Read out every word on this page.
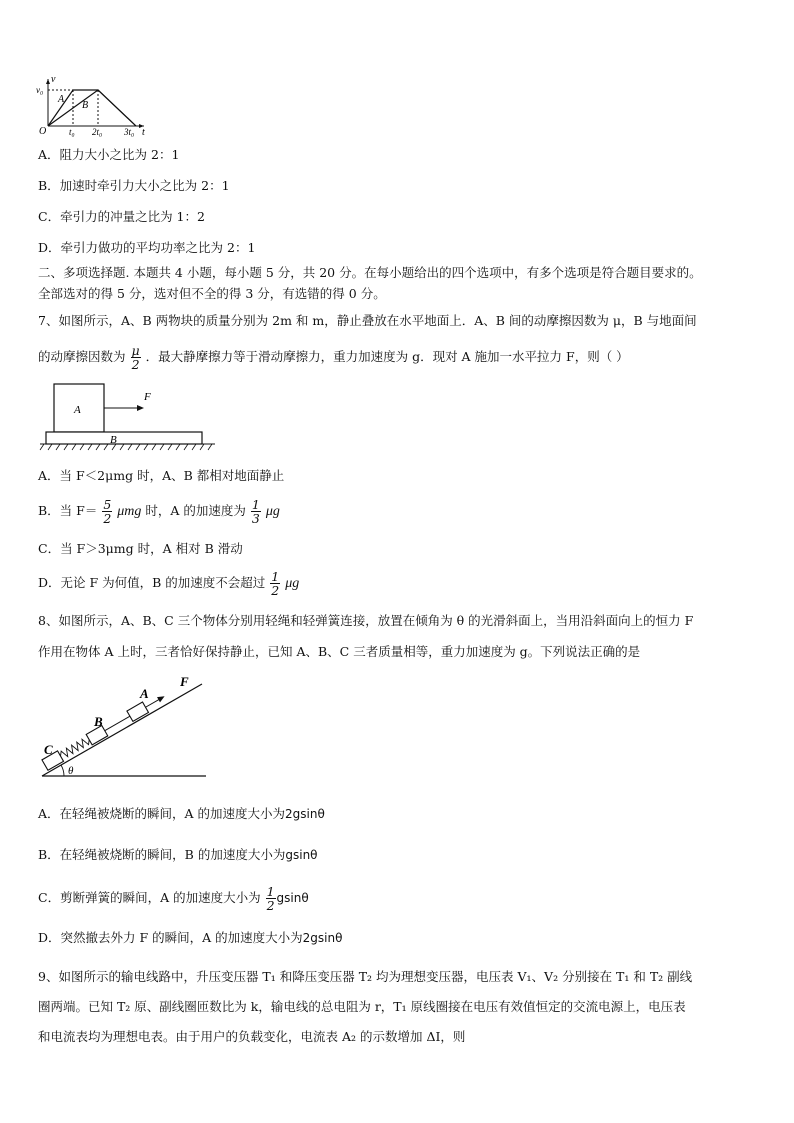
v
v₀
A
B
O	t₀ 2t₀ 3t₀ t
A．阻力大小之比为 2：1
B．加速时牵引力大小之比为 2：1
C．牵引力的冲量之比为 1：2
D．牵引力做功的平均功率之比为 2：1
二、多项选择题. 本题共 4 小题，每小题 5 分，共 20 分。在每小题给出的四个选项中，有多个选项是符合题目要求的。
全部选对的得 5 分，选对但不全的得 3 分，有选错的得 0 分。
7、如图所示，A、B 两物块的质量分别为 2m 和 m，静止叠放在水平地面上．A、B 间的动摩擦因数为 μ，B 与地面间
的动摩擦因数为 $\frac{\mu}{2}$ ．最大静摩擦力等于滑动摩擦力，重力加速度为 g．现对 A 施加一水平拉力 F，则（ ）
A
B
F
A．当 F＜2μmg 时，A、B 都相对地面静止
B．当 $F= \frac{5}{2}$ μmg 时，A 的加速度为 $\frac{1}{3}$ μg
C．当 F＞3μmg 时，A 相对 B 滑动
D．无论 F 为何值，B 的加速度不会超过 $\frac{1}{2}$ μg
8、如图所示，A、B、C 三个物体分别用轻绳和轻弹簧连接，放置在倾角为 θ 的光滑斜面上，当用沿斜面向上的恒力 F
作用在物体 A 上时，三者恰好保持静止，已知 A、B、C 三者质量相等，重力加速度为 g。下列说法正确的是
θ
C
B
A
F
A．在轻绳被烧断的瞬间，A 的加速度大小为2gsinθ
B．在轻绳被烧断的瞬间，B 的加速度大小为gsinθ
C．剪断弹簧的瞬间，A 的加速度大小为 $\frac{1}{2}$ gsinθ
D．突然撤去外力 F 的瞬间，A 的加速度大小为2gsinθ
9、如图所示的输电线路中，升压变压器 T₁ 和降压变压器 T₂ 均为理想变压器，电压表 V₁、V₂ 分别接在 T₁ 和 T₂ 副线
圈两端。已知 T₂ 原、副线圈匝数比为 k，输电线的总电阻为 r，T₁ 原线圈接在电压有效值恒定的交流电源上，电压表
和电流表均为理想电表。由于用户的负载变化，电流表 A₂ 的示数增加 ΔI，则
